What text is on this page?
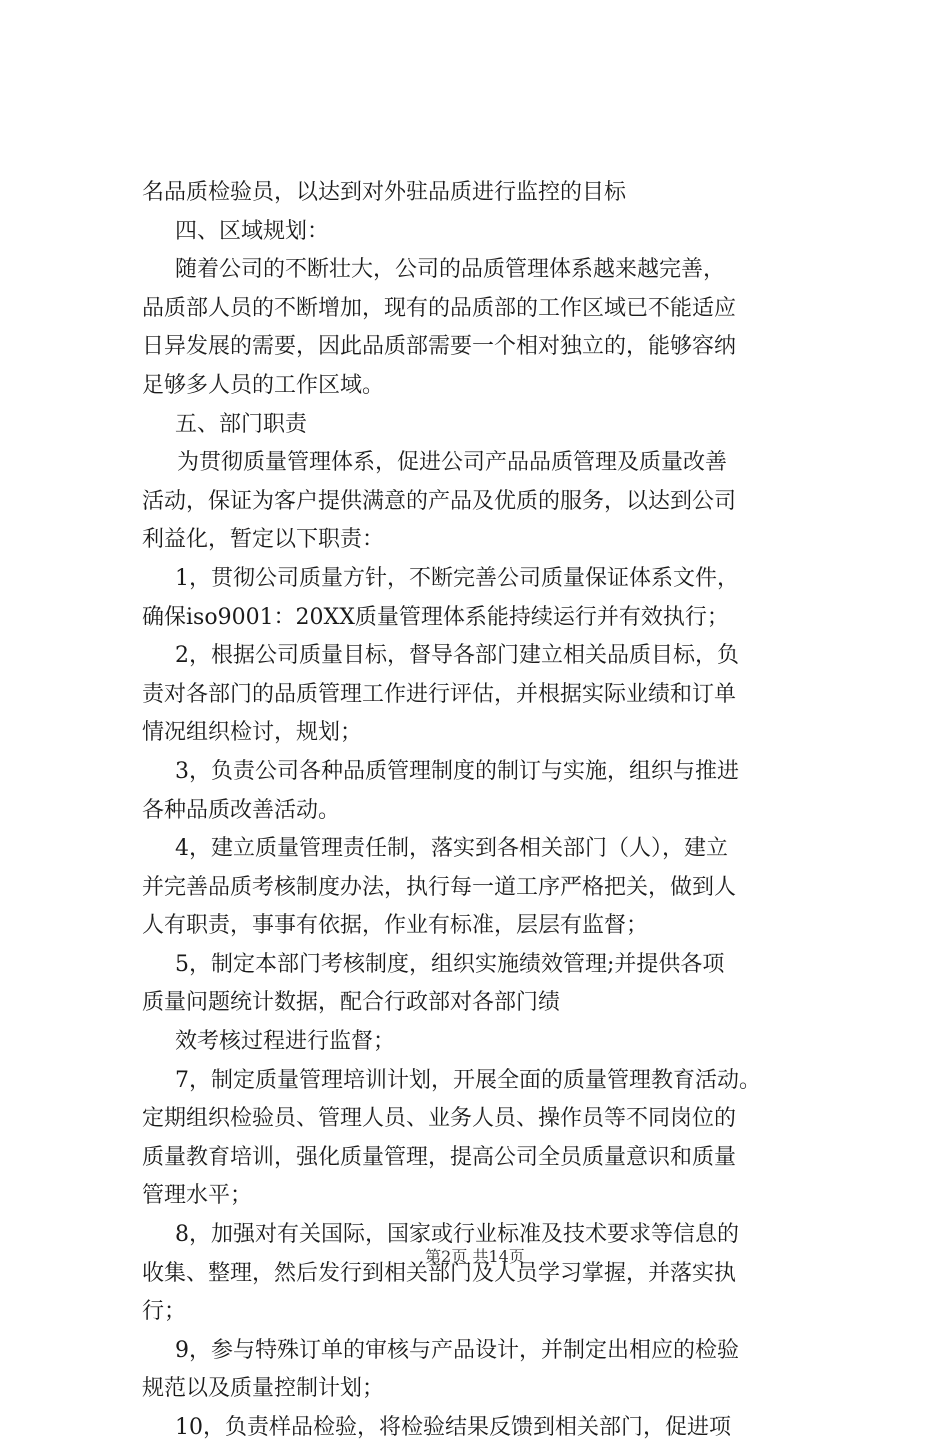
名品质检验员，以达到对外驻品质进行监控的目标
四、区域规划：
随着公司的不断壮大，公司的品质管理体系越来越完善，
品质部人员的不断增加，现有的品质部的工作区域已不能适应
日异发展的需要，因此品质部需要一个相对独立的，能够容纳
足够多人员的工作区域。
五、部门职责
为贯彻质量管理体系，促进公司产品品质管理及质量改善
活动，保证为客户提供满意的产品及优质的服务，以达到公司
利益化，暂定以下职责：
1，贯彻公司质量方针，不断完善公司质量保证体系文件，
确保iso9001：20XX质量管理体系能持续运行并有效执行；
2，根据公司质量目标，督导各部门建立相关品质目标，负
责对各部门的品质管理工作进行评估，并根据实际业绩和订单
情况组织检讨，规划；
3，负责公司各种品质管理制度的制订与实施，组织与推进
各种品质改善活动。
4，建立质量管理责任制，落实到各相关部门（人），建立
并完善品质考核制度办法，执行每一道工序严格把关，做到人
人有职责，事事有依据，作业有标准，层层有监督；
5，制定本部门考核制度，组织实施绩效管理;并提供各项
质量问题统计数据，配合行政部对各部门绩
效考核过程进行监督；
7，制定质量管理培训计划，开展全面的质量管理教育活动。
定期组织检验员、管理人员、业务人员、操作员等不同岗位的
质量教育培训，强化质量管理，提高公司全员质量意识和质量
管理水平；
8，加强对有关国际，国家或行业标准及技术要求等信息的
收集、整理，然后发行到相关部门及人员学习掌握，并落实执
行；
9，参与特殊订单的审核与产品设计，并制定出相应的检验
规范以及质量控制计划；
10，负责样品检验，将检验结果反馈到相关部门，促进项
第2页 共14页
